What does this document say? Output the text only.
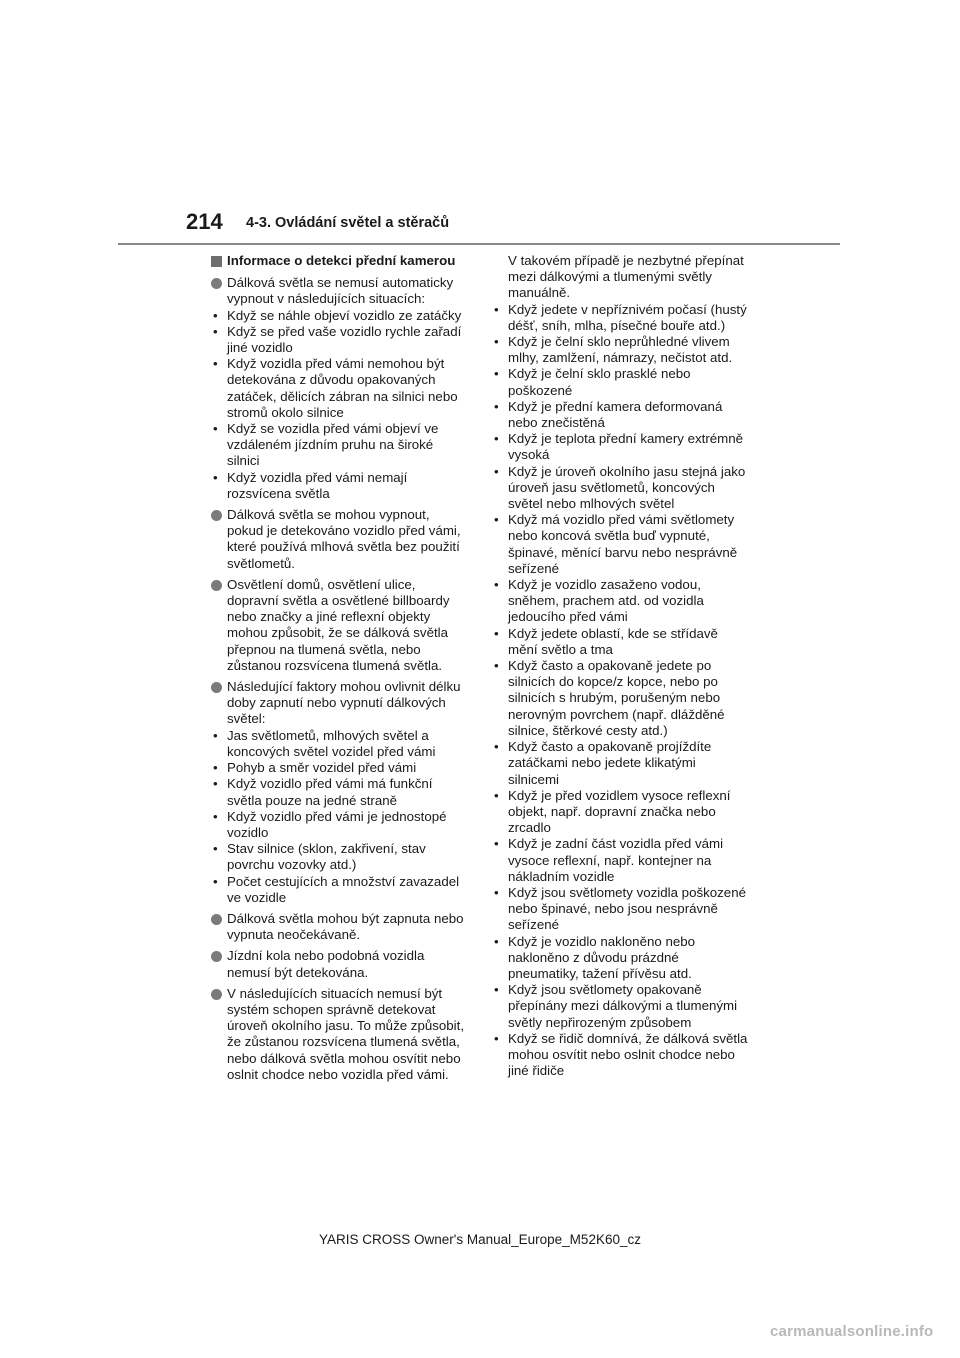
214 4-3. Ovládání světel a stěračů
Informace o detekci přední kamerou

Dálková světla se nemusí automaticky vypnout v následujících situacích:

• Když se náhle objeví vozidlo ze zatáčky
• Když se před vaše vozidlo rychle zařadí jiné vozidlo
• Když vozidla před vámi nemohou být detekována z důvodu opakovaných zatáček, dělicích zábran na silnici nebo stromů okolo silnice
• Když se vozidla před vámi objeví ve vzdáleném jízdním pruhu na široké silnici
• Když vozidla před vámi nemají rozsvícena světla

Dálková světla se mohou vypnout, pokud je detekováno vozidlo před vámi, které používá mlhová světla bez použití světlometů.

Osvětlení domů, osvětlení ulice, dopravní světla a osvětlené billboardy nebo značky a jiné reflexní objekty mohou způsobit, že se dálková světla přepnou na tlumená světla, nebo zůstanou rozsvícena tlumená světla.

Následující faktory mohou ovlivnit délku doby zapnutí nebo vypnutí dálkových světel:

• Jas světlometů, mlhových světel a koncových světel vozidel před vámi
• Pohyb a směr vozidel před vámi
• Když vozidlo před vámi má funkční světla pouze na jedné straně
• Když vozidlo před vámi je jednostopé vozidlo
• Stav silnice (sklon, zakřivení, stav povrchu vozovky atd.)
• Počet cestujících a množství zavazadel ve vozidle

Dálková světla mohou být zapnuta nebo vypnuta neočekávaně.

Jízdní kola nebo podobná vozidla nemusí být detekována.

V následujících situacích nemusí být systém schopen správně detekovat úroveň okolního jasu. To může způsobit, že zůstanou rozsvícena tlumená světla, nebo dálková světla mohou osvítit nebo oslnit chodce nebo vozidla před vámi.

V takovém případě je nezbytné přepínat mezi dálkovými a tlumenými světly manuálně.

• Když jedete v nepříznivém počasí (hustý déšť, sníh, mlha, písečné bouře atd.)
• Když je čelní sklo neprůhledné vlivem mlhy, zamlžení, námrazy, nečistot atd.
• Když je čelní sklo prasklé nebo poškozené
• Když je přední kamera deformovaná nebo znečistěná
• Když je teplota přední kamery extrémně vysoká
• Když je úroveň okolního jasu stejná jako úroveň jasu světlometů, koncových světel nebo mlhových světel
• Když má vozidlo před vámi světlomety nebo koncová světla buď vypnuté, špinavé, měnící barvu nebo nesprávně seřízené
• Když je vozidlo zasaženo vodou, sněhem, prachem atd. od vozidla jedoucího před vámi
• Když jedete oblastí, kde se střídavě mění světlo a tma
• Když často a opakovaně jedete po silnicích do kopce/z kopce, nebo po silnicích s hrubým, porušeným nebo nerovným povrchem (např. dlážděné silnice, štěrkové cesty atd.)
• Když často a opakovaně projíždíte zatáčkami nebo jedete klikatými silnicemi
• Když je před vozidlem vysoce reflexní objekt, např. dopravní značka nebo zrcadlo
• Když je zadní část vozidla před vámi vysoce reflexní, např. kontejner na nákladním vozidle
• Když jsou světlomety vozidla poškozené nebo špinavé, nebo jsou nesprávně seřízené
• Když je vozidlo nakloněno nebo nakloněno z důvodu prázdné pneumatiky, tažení přívěsu atd.
• Když jsou světlomety opakovaně přepínány mezi dálkovými a tlumenými světly nepřirozeným způsobem
• Když se řidič domnívá, že dálková světla mohou osvítit nebo oslnit chodce nebo jiné řidiče
YARIS CROSS Owner's Manual_Europe_M52K60_cz
carmanualsonline.info
